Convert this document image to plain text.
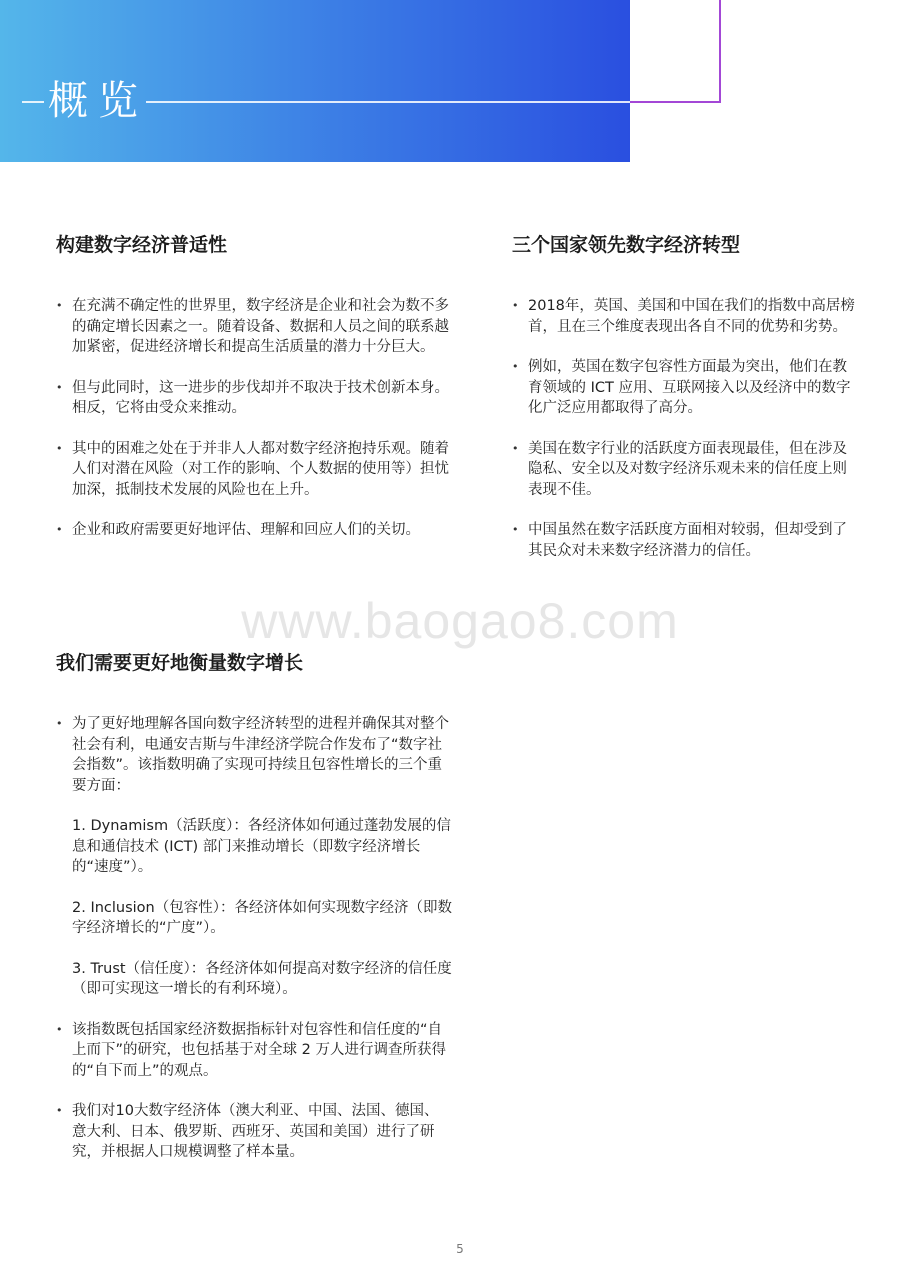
概览
构建数字经济普适性
• 在充满不确定性的世界里，数字经济是企业和社会为数不多的确定增长因素之一。随着设备、数据和人员之间的联系越加紧密，促进经济增长和提高生活质量的潜力十分巨大。
• 但与此同时，这一进步的步伐却并不取决于技术创新本身。相反，它将由受众来推动。
• 其中的困难之处在于并非人人都对数字经济抱持乐观。随着人们对潜在风险（对工作的影响、个人数据的使用等）担忧加深，抵制技术发展的风险也在上升。
• 企业和政府需要更好地评估、理解和回应人们的关切。
三个国家领先数字经济转型
• 2018年，英国、美国和中国在我们的指数中高居榜首，且在三个维度表现出各自不同的优势和劣势。
• 例如，英国在数字包容性方面最为突出，他们在教育领域的 ICT 应用、互联网接入以及经济中的数字化广泛应用都取得了高分。
• 美国在数字行业的活跃度方面表现最佳，但在涉及隐私、安全以及对数字经济乐观未来的信任度上则表现不佳。
• 中国虽然在数字活跃度方面相对较弱，但却受到了其民众对未来数字经济潜力的信任。
www.baogao8.com
我们需要更好地衡量数字增长
• 为了更好地理解各国向数字经济转型的进程并确保其对整个社会有利，电通安吉斯与牛津经济学院合作发布了“数字社会指数”。该指数明确了实现可持续且包容性增长的三个重要方面：
1. Dynamism（活跃度）：各经济体如何通过蓬勃发展的信息和通信技术 (ICT) 部门来推动增长（即数字经济增长的“速度”）。
2. Inclusion（包容性）：各经济体如何实现数字经济（即数字经济增长的“广度”）。
3. Trust（信任度）：各经济体如何提高对数字经济的信任度（即可实现这一增长的有利环境）。
• 该指数既包括国家经济数据指标针对包容性和信任度的“自上而下”的研究，也包括基于对全球 2 万人进行调查所获得的“自下而上”的观点。
• 我们对10大数字经济体（澳大利亚、中国、法国、德国、意大利、日本、俄罗斯、西班牙、英国和美国）进行了研究，并根据人口规模调整了样本量。
5
